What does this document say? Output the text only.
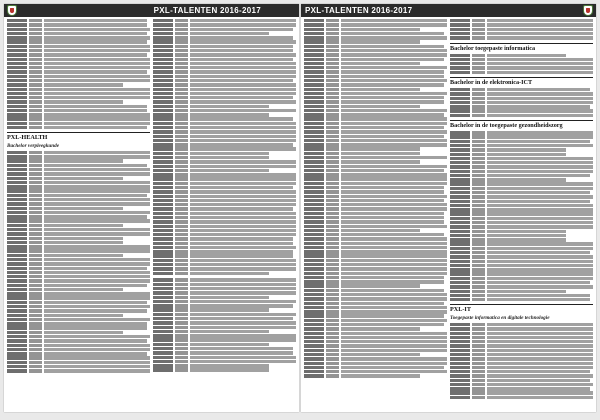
PXL-TALENTEN 2016-2017
PXL-HEALTH
Bachelor verpleegkunde
PXL-TALENTEN 2016-2017
Bachelor toegepaste informatica
Bachelor in de elektronica-ICT
Bachelor in de toegepaste gezondheidszorg
PXL-IT
Toegepaste informatica en digitale technologie
